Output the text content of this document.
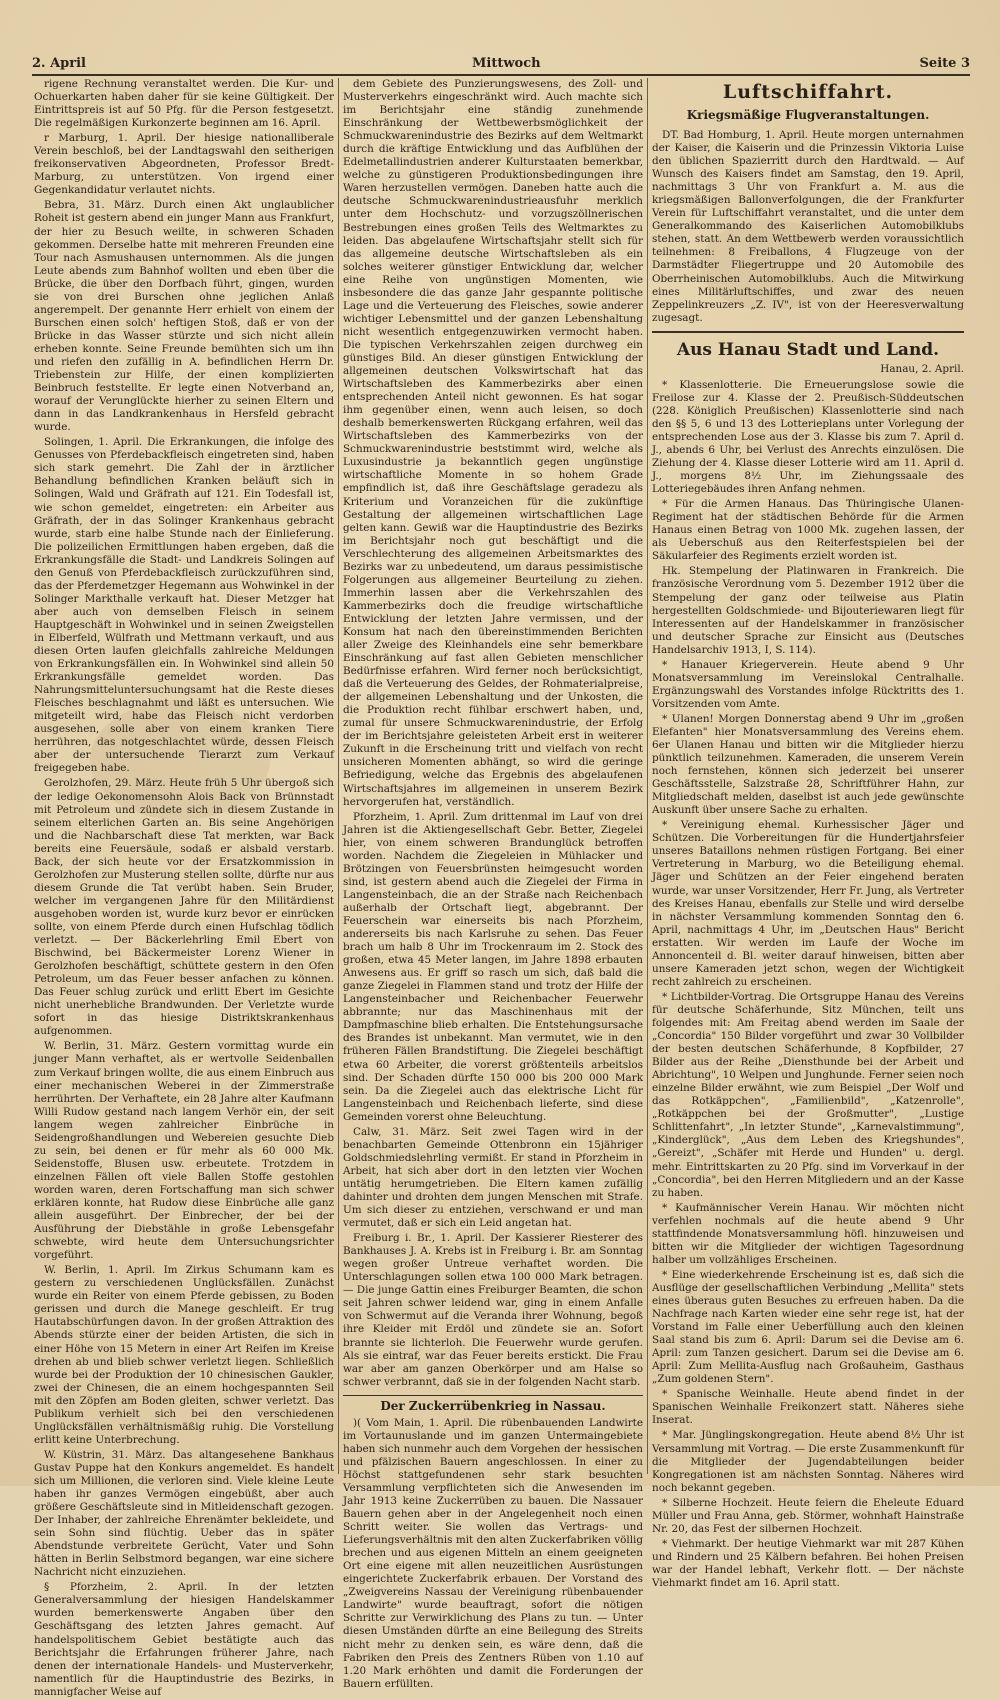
2. April	Mittwoch	Seite 3

rigene Rechnung veranstaltet werden. Die Kur- und Ochuerkarten haben daher für sie keine Gültigkeit. Der Eintrittspreis ist auf 50 Pfg. für die Person festgesetzt. Die regelmäßigen Kurkonzerte beginnen am 16. April.

r Marburg, 1. April. Der hiesige nationalliberale Verein beschloß, bei der Landtagswahl den seitherigen freikonservativen Abgeordneten, Professor Bredt-Marburg, zu unterstützen. Von irgend einer Gegenkandidatur verlautet nichts.

Bebra, 31. März. Durch einen Akt unglaublicher Roheit ist gestern abend ein junger Mann aus Frankfurt, der hier zu Besuch weilte, in schweren Schaden gekommen. Derselbe hatte mit mehreren Freunden eine Tour nach Asmushausen unternommen. Als die jungen Leute abends zum Bahnhof wollten und eben über die Brücke, die über den Dorfbach führt, gingen, wurden sie von drei Burschen ohne jeglichen Anlaß angerempelt. Der genannte Herr erhielt von einem der Burschen einen solch' heftigen Stoß, daß er von der Brücke in das Wasser stürzte und sich nicht allein erheben konnte. Seine Freunde bemühten sich um ihn und riefen den zufällig in A. befindlichen Herrn Dr. Triebenstein zur Hilfe, der einen komplizierten Beinbruch feststellte. Er legte einen Notverband an, worauf der Verunglückte hierher zu seinen Eltern und dann in das Landkrankenhaus in Hersfeld gebracht wurde.

Solingen, 1. April. Die Erkrankungen, die infolge des Genusses von Pferdebackfleisch eingetreten sind, haben sich stark gemehrt. Die Zahl der in ärztlicher Behandlung befindlichen Kranken beläuft sich in Solingen, Wald und Gräfrath auf 121. Ein Todesfall ist, wie schon gemeldet, eingetreten: ein Arbeiter aus Gräfrath, der in das Solinger Krankenhaus gebracht wurde, starb eine halbe Stunde nach der Einlieferung. Die polizeilichen Ermittlungen haben ergeben, daß die Erkrankungsfälle die Stadt- und Landkreis Solingen auf den Genuß von Pferdebackfleisch zurückzuführen sind, das der Pferdemetzger Hegemann aus Wohwinkel in der Solinger Markthalle verkauft hat. Dieser Metzger hat aber auch von demselben Fleisch in seinem Hauptgeschäft in Wohwinkel und in seinen Zweigstellen in Elberfeld, Wülfrath und Mettmann verkauft, und aus diesen Orten laufen gleichfalls zahlreiche Meldungen von Erkrankungsfällen ein. In Wohwinkel sind allein 50 Erkrankungsfälle gemeldet worden. Das Nahrungsmitteluntersuchungsamt hat die Reste dieses Fleisches beschlagnahmt und läßt es untersuchen. Wie mitgeteilt wird, habe das Fleisch nicht verdorben ausgesehen, solle aber von einem kranken Tiere herrühren, das notgeschlachtet würde, dessen Fleisch aber der untersuchende Tierarzt zum Verkauf freigegeben habe.

Gerolzhofen, 29. März. Heute früh 5 Uhr übergoß sich der ledige Oekonomensohn Alois Back von Brünnstadt mit Petroleum und zündete sich in diesem Zustande in seinem elterlichen Garten an. Bis seine Angehörigen und die Nachbarschaft diese Tat merkten, war Back bereits eine Feuersäule, sodaß er alsbald verstarb. Back, der sich heute vor der Ersatzkommission in Gerolzhofen zur Musterung stellen sollte, dürfte nur aus diesem Grunde die Tat verübt haben. Sein Bruder, welcher im vergangenen Jahre für den Militärdienst ausgehoben worden ist, wurde kurz bevor er einrücken sollte, von einem Pferde durch einen Hufschlag tödlich verletzt. — Der Bäckerlehrling Emil Ebert von Bischwind, bei Bäckermeister Lorenz Wiener in Gerolzhofen beschäftigt, schüttete gestern in den Ofen Petroleum, um das Feuer besser anfachen zu können. Das Feuer schlug zurück und erlitt Ebert im Gesichte nicht unerhebliche Brandwunden. Der Verletzte wurde sofort in das hiesige Distriktskrankenhaus aufgenommen.

W. Berlin, 31. März. Gestern vormittag wurde ein junger Mann verhaftet, als er wertvolle Seidenballen zum Verkauf bringen wollte, die aus einem Einbruch aus einer mechanischen Weberei in der Zimmerstraße herrührten. Der Verhaftete, ein 28 Jahre alter Kaufmann Willi Rudow gestand nach langem Verhör ein, der seit langem wegen zahlreicher Einbrüche in Seidengroßhandlungen und Webereien gesuchte Dieb zu sein, bei denen er für mehr als 60 000 Mk. Seidenstoffe, Blusen usw. erbeutete. Trotzdem in einzelnen Fällen oft viele Ballen Stoffe gestohlen worden waren, deren Fortschaffung man sich schwer erklären konnte, hat Rudow diese Einbrüche alle ganz allein ausgeführt. Der Einbrecher, der bei der Ausführung der Diebstähle in große Lebensgefahr schwebte, wird heute dem Untersuchungsrichter vorgeführt.

W. Berlin, 1. April. Im Zirkus Schumann kam es gestern zu verschiedenen Unglücksfällen. Zunächst wurde ein Reiter von einem Pferde gebissen, zu Boden gerissen und durch die Manege geschleift. Er trug Hautabschürfungen davon. In der großen Attraktion des Abends stürzte einer der beiden Artisten, die sich in einer Höhe von 15 Metern in einer Art Reifen im Kreise drehen ab und blieb schwer verletzt liegen. Schließlich wurde bei der Produktion der 10 chinesischen Gaukler, zwei der Chinesen, die an einem hochgespannten Seil mit den Zöpfen am Boden gleiten, schwer verletzt. Das Publikum verhielt sich bei den verschiedenen Unglücksfällen verhältnismäßig ruhig. Die Vorstellung erlitt keine Unterbrechung.

W. Küstrin, 31. März. Das altangesehene Bankhaus Gustav Puppe hat den Konkurs angemeldet. Es handelt sich um Millionen, die verloren sind. Viele kleine Leute haben ihr ganzes Vermögen eingebüßt, aber auch größere Geschäftsleute sind in Mitleidenschaft gezogen. Der Inhaber, der zahlreiche Ehrenämter bekleidete, und sein Sohn sind flüchtig. Ueber das in später Abendstunde verbreitete Gerücht, Vater und Sohn hätten in Berlin Selbstmord begangen, war eine sichere Nachricht nicht einzuziehen.

§ Pforzheim, 2. April. In der letzten Generalversammlung der hiesigen Handelskammer wurden bemerkenswerte Angaben über den Geschäftsgang des letzten Jahres gemacht. Auf handelspolitischem Gebiet bestätigte auch das Berichtsjahr die Erfahrungen früherer Jahre, nach denen der internationale Handels- und Musterverkehr, namentlich für die Hauptindustrie des Bezirks, in mannigfacher Weise auf

dem Gebiete des Punzierungswesens, des Zoll- und Musterverkehrs eingeschränkt wird. Auch machte sich im Berichtsjahr eine ständig zunehmende Einschränkung der Wettbewerbsmöglichkeit der Schmuckwarenindustrie des Bezirks auf dem Weltmarkt durch die kräftige Entwicklung und das Aufblühen der Edelmetallindustrien anderer Kulturstaaten bemerkbar, welche zu günstigeren Produktionsbedingungen ihre Waren herzustellen vermögen. Daneben hatte auch die deutsche Schmuckwarenindustrieausfuhr merklich unter dem Hochschutz- und vorzugszöllnerischen Bestrebungen eines großen Teils des Weltmarktes zu leiden. Das abgelaufene Wirtschaftsjahr stellt sich für das allgemeine deutsche Wirtschaftsleben als ein solches weiterer günstiger Entwicklung dar, welcher eine Reihe von ungünstigen Momenten, wie insbesondere die das ganze Jahr gespannte politische Lage und die Verteuerung des Fleisches, sowie anderer wichtiger Lebensmittel und der ganzen Lebenshaltung nicht wesentlich entgegenzuwirken vermocht haben. Die typischen Verkehrszahlen zeigen durchweg ein günstiges Bild. An dieser günstigen Entwicklung der allgemeinen deutschen Volkswirtschaft hat das Wirtschaftsleben des Kammerbezirks aber einen entsprechenden Anteil nicht gewonnen. Es hat sogar ihm gegenüber einen, wenn auch leisen, so doch deshalb bemerkenswerten Rückgang erfahren, weil das Wirtschaftsleben des Kammerbezirks von der Schmuckwarenindustrie beststimmt wird, welche als Luxusindustrie ja bekanntlich gegen ungünstige wirtschaftliche Momente in so hohem Grade empfindlich ist, daß ihre Geschäftslage geradezu als Kriterium und Voranzeichen für die zukünftige Gestaltung der allgemeinen wirtschaftlichen Lage gelten kann. Gewiß war die Hauptindustrie des Bezirks im Berichtsjahr noch gut beschäftigt und die Verschlechterung des allgemeinen Arbeitsmarktes des Bezirks war zu unbedeutend, um daraus pessimistische Folgerungen aus allgemeiner Beurteilung zu ziehen. Immerhin lassen aber die Verkehrszahlen des Kammerbezirks doch die freudige wirtschaftliche Entwicklung der letzten Jahre vermissen, und der Konsum hat nach den übereinstimmenden Berichten aller Zweige des Kleinhandels eine sehr bemerkbare Einschränkung auf fast allen Gebieten menschlicher Bedürfnisse erfahren. Wird ferner noch berücksichtigt, daß die Verteuerung des Geldes, der Rohmaterialpreise, der allgemeinen Lebenshaltung und der Unkosten, die die Produktion recht fühlbar erschwert haben, und, zumal für unsere Schmuckwarenindustrie, der Erfolg der im Berichtsjahre geleisteten Arbeit erst in weiterer Zukunft in die Erscheinung tritt und vielfach von recht unsicheren Momenten abhängt, so wird die geringe Befriedigung, welche das Ergebnis des abgelaufenen Wirtschaftsjahres im allgemeinen in unserem Bezirk hervorgerufen hat, verständlich.

Pforzheim, 1. April. Zum drittenmal im Lauf von drei Jahren ist die Aktiengesellschaft Gebr. Better, Ziegelei hier, von einem schweren Brandunglück betroffen worden. Nachdem die Ziegeleien in Mühlacker und Brötzingen von Feuersbrünsten heimgesucht worden sind, ist gestern abend auch die Ziegelei der Firma in Langensteinbach, die an der Straße nach Reichenbach außerhalb der Ortschaft liegt, abgebrannt. Der Feuerschein war einerseits bis nach Pforzheim, andererseits bis nach Karlsruhe zu sehen. Das Feuer brach um halb 8 Uhr im Trockenraum im 2. Stock des großen, etwa 45 Meter langen, im Jahre 1898 erbauten Anwesens aus. Er griff so rasch um sich, daß bald die ganze Ziegelei in Flammen stand und trotz der Hilfe der Langensteinbacher und Reichenbacher Feuerwehr abbrannte; nur das Maschinenhaus mit der Dampfmaschine blieb erhalten. Die Entstehungsursache des Brandes ist unbekannt. Man vermutet, wie in den früheren Fällen Brandstiftung. Die Ziegelei beschäftigt etwa 60 Arbeiter, die vorerst größtenteils arbeitslos sind. Der Schaden dürfte 150 000 bis 200 000 Mark sein. Da die Ziegelei auch das elektrische Licht für Langensteinbach und Reichenbach lieferte, sind diese Gemeinden vorerst ohne Beleuchtung.

Calw, 31. März. Seit zwei Tagen wird in der benachbarten Gemeinde Ottenbronn ein 15jähriger Goldschmiedslehrling vermißt. Er stand in Pforzheim in Arbeit, hat sich aber dort in den letzten vier Wochen untätig herumgetrieben. Die Eltern kamen zufällig dahinter und drohten dem jungen Menschen mit Strafe. Um sich dieser zu entziehen, verschwand er und man vermutet, daß er sich ein Leid angetan hat.

Freiburg i. Br., 1. April. Der Kassierer Riesterer des Bankhauses J. A. Krebs ist in Freiburg i. Br. am Sonntag wegen großer Untreue verhaftet worden. Die Unterschlagungen sollen etwa 100 000 Mark betragen. — Die junge Gattin eines Freiburger Beamten, die schon seit Jahren schwer leidend war, ging in einem Anfalle von Schwermut auf die Veranda ihrer Wohnung, begoß ihre Kleider mit Erdöl und zündete sie an. Sofort brannte sie lichterloh. Die Feuerwehr wurde gerufen. Als sie eintraf, war das Feuer bereits erstickt. Die Frau war aber am ganzen Oberkörper und am Halse so schwer verbrannt, daß sie in der folgenden Nacht starb.

Der Zuckerrübenkrieg in Nassau.

)( Vom Main, 1. April. Die rübenbauenden Landwirte im Vortaunuslande und im ganzen Untermaingebiete haben sich nunmehr auch dem Vorgehen der hessischen und pfälzischen Bauern angeschlossen. In einer zu Höchst stattgefundenen sehr stark besuchten Versammlung verpflichteten sich die Anwesenden im Jahr 1913 keine Zuckerrüben zu bauen. Die Nassauer Bauern gehen aber in der Angelegenheit noch einen Schritt weiter. Sie wollen das Vertrags- und Lieferungsverhältnis mit den alten Zuckerfabriken völlig brechen und aus eigenen Mitteln an einem geeigneten Ort eine eigene mit allen neuzeitlichen Ausrüstungen eingerichtete Zuckerfabrik erbauen. Der Vorstand des „Zweigvereins Nassau der Vereinigung rübenbauender Landwirte" wurde beauftragt, sofort die nötigen Schritte zur Verwirklichung des Plans zu tun. — Unter diesen Umständen dürfte an eine Beilegung des Streits nicht mehr zu denken sein, es wäre denn, daß die Fabriken den Preis des Zentners Rüben von 1.10 auf 1.20 Mark erhöhten und damit die Forderungen der Bauern erfüllten.

Luftschiffahrt.

Kriegsmäßige Flugveranstaltungen.

DT. Bad Homburg, 1. April. Heute morgen unternahmen der Kaiser, die Kaiserin und die Prinzessin Viktoria Luise den üblichen Spazierritt durch den Hardtwald. — Auf Wunsch des Kaisers findet am Samstag, den 19. April, nachmittags 3 Uhr von Frankfurt a. M. aus die kriegsmäßigen Ballonverfolgungen, die der Frankfurter Verein für Luftschiffahrt veranstaltet, und die unter dem Generalkommando des Kaiserlichen Automobilklubs stehen, statt. An dem Wettbewerb werden voraussichtlich teilnehmen: 8 Freiballons, 4 Flugzeuge von der Darmstädter Fliegertruppe und 20 Automobile des Oberrheinischen Automobilklubs. Auch die Mitwirkung eines Militärluftschiffes, und zwar des neuen Zeppelinkreuzers „Z. IV", ist von der Heeresverwaltung zugesagt.

Aus Hanau Stadt und Land.

Hanau, 2. April.

* Klassenlotterie. Die Erneuerungslose sowie die Freilose zur 4. Klasse der 2. Preußisch-Süddeutschen (228. Königlich Preußischen) Klassenlotterie sind nach den §§ 5, 6 und 13 des Lotterieplans unter Vorlegung der entsprechenden Lose aus der 3. Klasse bis zum 7. April d. J., abends 6 Uhr, bei Verlust des Anrechts einzulösen. Die Ziehung der 4. Klasse dieser Lotterie wird am 11. April d. J., morgens 8½ Uhr, im Ziehungssaale des Lotteriegebäudes ihren Anfang nehmen.

* Für die Armen Hanaus. Das Thüringische Ulanen-Regiment hat der städtischen Behörde für die Armen Hanaus einen Betrag von 1000 Mk. zugehen lassen, der als Ueberschuß aus den Reiterfestspielen bei der Säkularfeier des Regiments erzielt worden ist.

Hk. Stempelung der Platinwaren in Frankreich. Die französische Verordnung vom 5. Dezember 1912 über die Stempelung der ganz oder teilweise aus Platin hergestellten Goldschmiede- und Bijouteriewaren liegt für Interessenten auf der Handelskammer in französischer und deutscher Sprache zur Einsicht aus (Deutsches Handelsarchiv 1913, I, S. 114).

* Hanauer Kriegerverein. Heute abend 9 Uhr Monatsversammlung im Vereinslokal Centralhalle. Ergänzungswahl des Vorstandes infolge Rücktritts des 1. Vorsitzenden vom Amte.

* Ulanen! Morgen Donnerstag abend 9 Uhr im „großen Elefanten" hier Monatsversammlung des Vereins ehem. 6er Ulanen Hanau und bitten wir die Mitglieder hierzu pünktlich teilzunehmen. Kameraden, die unserem Verein noch fernstehen, können sich jederzeit bei unserer Geschäftsstelle, Salzstraße 28, Schriftführer Hahn, zur Mitgliedschaft melden, daselbst ist auch jede gewünschte Auskunft über unsere Sache zu erhalten.

* Vereinigung ehemal. Kurhessischer Jäger und Schützen. Die Vorbereitungen für die Hundertjahrsfeier unseres Bataillons nehmen rüstigen Fortgang. Bei einer Vertreterung in Marburg, wo die Beteiligung ehemal. Jäger und Schützen an der Feier eingehend beraten wurde, war unser Vorsitzender, Herr Fr. Jung, als Vertreter des Kreises Hanau, ebenfalls zur Stelle und wird derselbe in nächster Versammlung kommenden Sonntag den 6. April, nachmittags 4 Uhr, im „Deutschen Haus" Bericht erstatten. Wir werden im Laufe der Woche im Annoncenteil d. Bl. weiter darauf hinweisen, bitten aber unsere Kameraden jetzt schon, wegen der Wichtigkeit recht zahlreich zu erscheinen.

* Lichtbilder-Vortrag. Die Ortsgruppe Hanau des Vereins für deutsche Schäferhunde, Sitz München, teilt uns folgendes mit: Am Freitag abend werden im Saale der „Concordia" 150 Bilder vorgeführt und zwar 30 Vollbilder der besten deutschen Schäferhunde, 8 Kopfbilder, 27 Bilder aus der Reihe „Diensthunde bei der Arbeit und Abrichtung", 10 Welpen und Junghunde. Ferner seien noch einzelne Bilder erwähnt, wie zum Beispiel „Der Wolf und das Rotkäppchen", „Familienbild", „Katzenrolle", „Rotkäppchen bei der Großmutter", „Lustige Schlittenfahrt", „In letzter Stunde", „Karnevalstimmung", „Kinderglück", „Aus dem Leben des Kriegshundes", „Gereizt", „Schäfer mit Herde und Hunden" u. dergl. mehr. Eintrittskarten zu 20 Pfg. sind im Vorverkauf in der „Concordia", bei den Herren Mitgliedern und an der Kasse zu haben.

* Kaufmännischer Verein Hanau. Wir möchten nicht verfehlen nochmals auf die heute abend 9 Uhr stattfindende Monatsversammlung höfl. hinzuweisen und bitten wir die Mitglieder der wichtigen Tagesordnung halber um vollzähliges Erscheinen.

* Eine wiederkehrende Erscheinung ist es, daß sich die Ausflüge der gesellschaftlichen Verbindung „Mellita" stets eines überaus guten Besuches zu erfreuen haben. Da die Nachfrage nach Karten wieder eine sehr rege ist, hat der Vorstand im Falle einer Ueberfüllung auch den kleinen Saal stand bis zum 6. April: Darum sei die Devise am 6. April: zum Tanzen gesichert. Darum sei die Devise am 6. April: Zum Mellita-Ausflug nach Großauheim, Gasthaus „Zum goldenen Stern".

* Spanische Weinhalle. Heute abend findet in der Spanischen Weinhalle Freikonzert statt. Näheres siehe Inserat.

* Mar. Jünglingskongregation. Heute abend 8½ Uhr ist Versammlung mit Vortrag. — Die erste Zusammenkunft für die Mitglieder der Jugendabteilungen beider Kongregationen ist am nächsten Sonntag. Näheres wird noch bekannt gegeben.

* Silberne Hochzeit. Heute feiern die Eheleute Eduard Müller und Frau Anna, geb. Störmer, wohnhaft Hainstraße Nr. 20, das Fest der silbernen Hochzeit.

* Viehmarkt. Der heutige Viehmarkt war mit 287 Kühen und Rindern und 25 Kälbern befahren. Bei hohen Preisen war der Handel lebhaft, Verkehr flott. — Der nächste Viehmarkt findet am 16. April statt.
